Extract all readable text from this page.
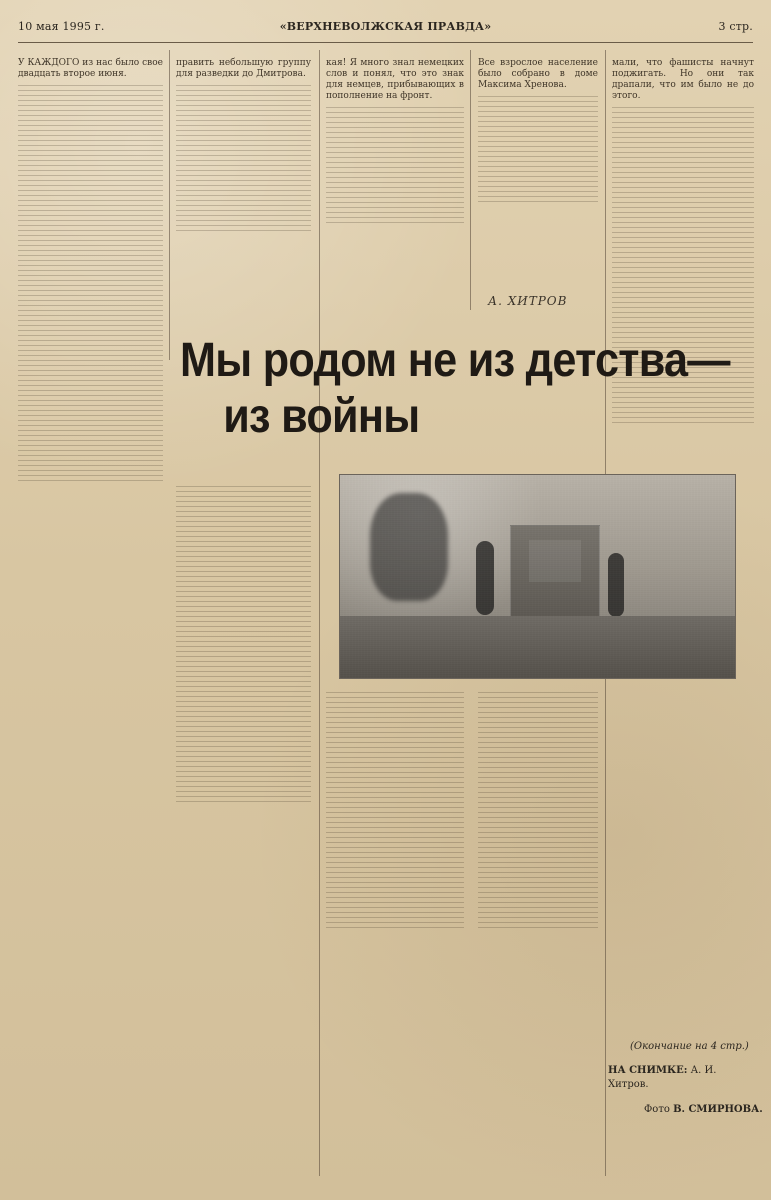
10 мая 1995 г.	«ВЕРХНЕВОЛЖСКАЯ ПРАВДА»	3 стр.

У КАЖДОГО из нас было свое двадцать второе июня.

править небольшую группу для разведки до Дмитрова.

кая! Я много знал немецких слов и понял, что это знак для немцев, прибывающих в пополнение на фронт.

Все взрослое население было собрано в доме Максима Хренова.

мали, что фашисты начнут поджигать. Но они так драпали, что им было не до этого.

А. ХИТРОВ
Мы родом не из детства—
из войны
(Окончание на 4 стр.)
НА СНИМКЕ: А. И. Хитров.
Фото В. СМИРНОВА.
